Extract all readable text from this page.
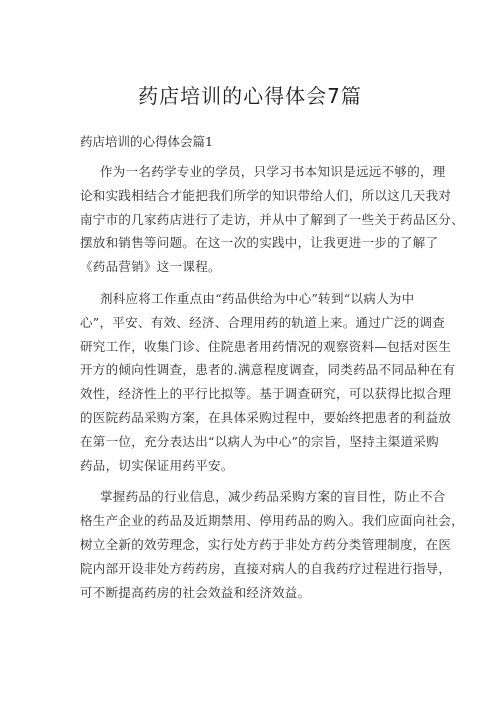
药店培训的心得体会7篇
药店培训的心得体会篇1
作为一名药学专业的学员，只学习书本知识是远远不够的，理
论和实践相结合才能把我们所学的知识带给人们，所以这几天我对
南宁市的几家药店进行了走访，并从中了解到了一些关于药品区分、
摆放和销售等问题。在这一次的实践中，让我更进一步的了解了
《药品营销》这一课程。
剂科应将工作重点由“药品供给为中心”转到“以病人为中
心”，平安、有效、经济、合理用药的轨道上来。通过广泛的调查
研究工作，收集门诊、住院患者用药情况的观察资料—包括对医生
开方的倾向性调查，患者的.满意程度调查，同类药品不同品种在有
效性，经济性上的平行比拟等。基于调查研究，可以获得比拟合理
的医院药品采购方案，在具体采购过程中，要始终把患者的利益放
在第一位，充分表达出“以病人为中心”的宗旨，坚持主渠道采购
药品，切实保证用药平安。
掌握药品的行业信息，减少药品采购方案的盲目性，防止不合
格生产企业的药品及近期禁用、停用药品的购入。我们应面向社会，
树立全新的效劳理念，实行处方药于非处方药分类管理制度，在医
院内部开设非处方药药房，直接对病人的自我药疗过程进行指导，
可不断提高药房的社会效益和经济效益。
